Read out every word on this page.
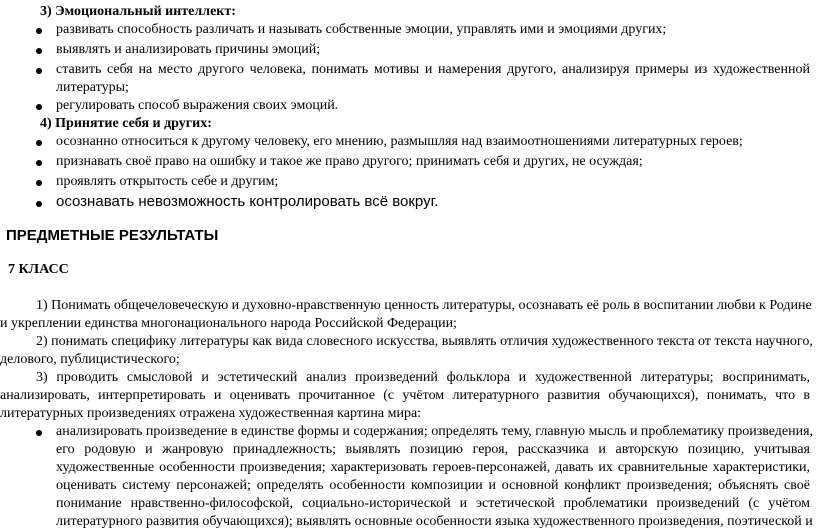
3) Эмоциональный интеллект:
развивать способность различать и называть собственные эмоции, управлять ими и эмоциями других;
выявлять и анализировать причины эмоций;
ставить себя на место другого человека, понимать мотивы и намерения другого, анализируя примеры из художественной
литературы;
регулировать способ выражения своих эмоций.
4) Принятие себя и других:
осознанно относиться к другому человеку, его мнению, размышляя над взаимоотношениями литературных героев;
признавать своё право на ошибку и такое же право другого; принимать себя и других, не осуждая;
проявлять открытость себе и другим;
осознавать невозможность контролировать всё вокруг.
ПРЕДМЕТНЫЕ РЕЗУЛЬТАТЫ
7 КЛАСС
1) Понимать общечеловеческую и духовно-нравственную ценность литературы, осознавать её роль в воспитании любви к Родине
и укреплении единства многонационального народа Российской Федерации;
2) понимать специфику литературы как вида словесного искусства, выявлять отличия художественного текста от текста научного,
делового, публицистического;
3) проводить смысловой и эстетический анализ произведений фольклора и художественной литературы; воспринимать,
анализировать, интерпретировать и оценивать прочитанное (с учётом литературного развития обучающихся), понимать, что в
литературных произведениях отражена художественная картина мира:
анализировать произведение в единстве формы и содержания; определять тему, главную мысль и проблематику произведения,
его родовую и жанровую принадлежность; выявлять позицию героя, рассказчика и авторскую позицию, учитывая
художественные особенности произведения; характеризовать героев-персонажей, давать их сравнительные характеристики,
оценивать систему персонажей; определять особенности композиции и основной конфликт произведения; объяснять своё
понимание нравственно-философской, социально-исторической и эстетической проблематики произведений (с учётом
литературного развития обучающихся); выявлять основные особенности языка художественного произведения, поэтической и
